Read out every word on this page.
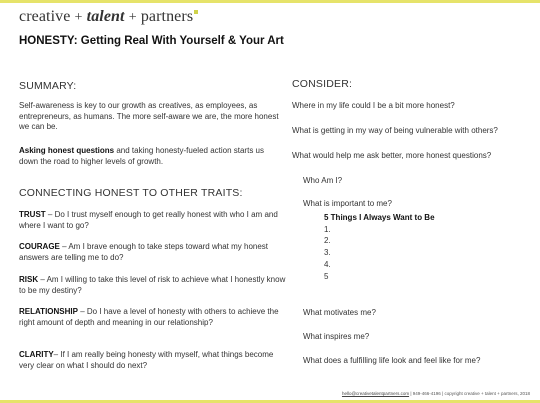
creative + talent + partners
HONESTY: Getting Real With Yourself & Your Art
SUMMARY:
Self-awareness is key to our growth as creatives, as employees, as entrepreneurs, as humans. The more self-aware we are, the more honest we can be.
Asking honest questions and taking honesty-fueled action starts us down the road to higher levels of growth.
CONNECTING HONEST TO OTHER TRAITS:
TRUST – Do I trust myself enough to get really honest with who I am and where I want to go?
COURAGE – Am I brave enough to take steps toward what my honest answers are telling me to do?
RISK – Am I willing to take this level of risk to achieve what I honestly know to be my destiny?
RELATIONSHIP – Do I have a level of honesty with others to achieve the right amount of depth and meaning in our relationship?
CLARITY– If I am really being honesty with myself, what things become very clear on what I should do next?
CONSIDER:
Where in my life could I be a bit more honest?
What is getting in my way of being vulnerable with others?
What would help me ask better, more honest questions?
Who Am I?
What is important to me?
5 Things I Always Want to Be
1.
2.
3.
4.
5
What motivates me?
What inspires me?
What does a fulfilling life look and feel like for me?
hello@creativetalentpartners.com | 949-466-4196 | copyright creative + talent + partners, 2018
